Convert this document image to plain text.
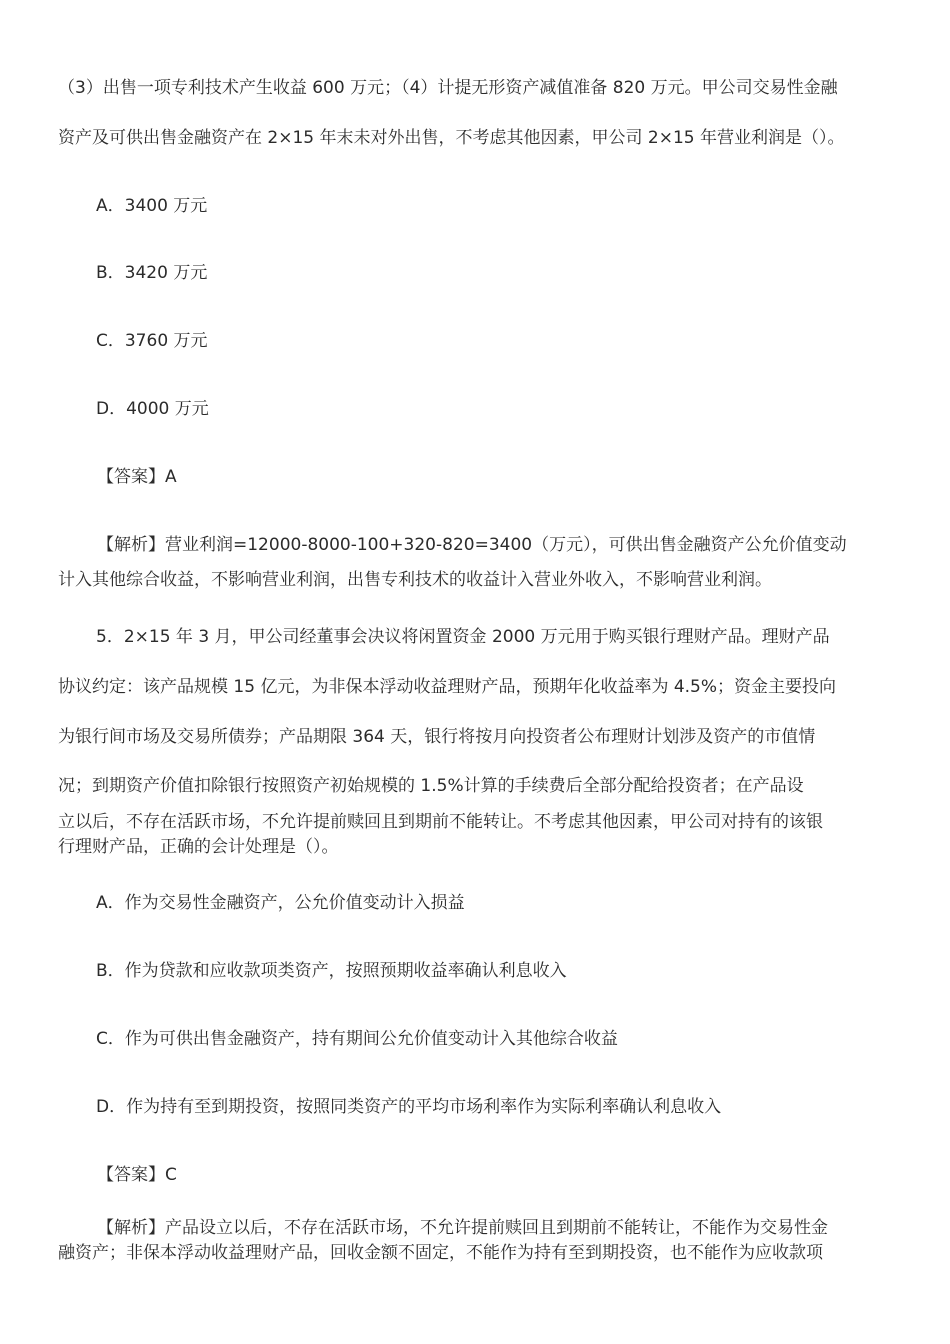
（3）出售一项专利技术产生收益 600 万元；（4）计提无形资产减值准备 820 万元。甲公司交易性金融
资产及可供出售金融资产在 2×15 年末未对外出售，不考虑其他因素，甲公司 2×15 年营业利润是（）。
A．3400 万元
B．3420 万元
C．3760 万元
D．4000 万元
【答案】A
【解析】营业利润=12000-8000-100+320-820=3400（万元），可供出售金融资产公允价值变动
计入其他综合收益，不影响营业利润，出售专利技术的收益计入营业外收入，不影响营业利润。
5．2×15 年 3 月，甲公司经董事会决议将闲置资金 2000 万元用于购买银行理财产品。理财产品
协议约定：该产品规模 15 亿元，为非保本浮动收益理财产品，预期年化收益率为 4.5%；资金主要投向
为银行间市场及交易所债券；产品期限 364 天，银行将按月向投资者公布理财计划涉及资产的市值情
况；到期资产价值扣除银行按照资产初始规模的 1.5%计算的手续费后全部分配给投资者；在产品设
立以后，不存在活跃市场，不允许提前赎回且到期前不能转让。不考虑其他因素，甲公司对持有的该银
行理财产品，正确的会计处理是（）。
A．作为交易性金融资产，公允价值变动计入损益
B．作为贷款和应收款项类资产，按照预期收益率确认利息收入
C．作为可供出售金融资产，持有期间公允价值变动计入其他综合收益
D．作为持有至到期投资，按照同类资产的平均市场利率作为实际利率确认利息收入
【答案】C
【解析】产品设立以后，不存在活跃市场，不允许提前赎回且到期前不能转让，不能作为交易性金
融资产；非保本浮动收益理财产品，回收金额不固定，不能作为持有至到期投资，也不能作为应收款项
